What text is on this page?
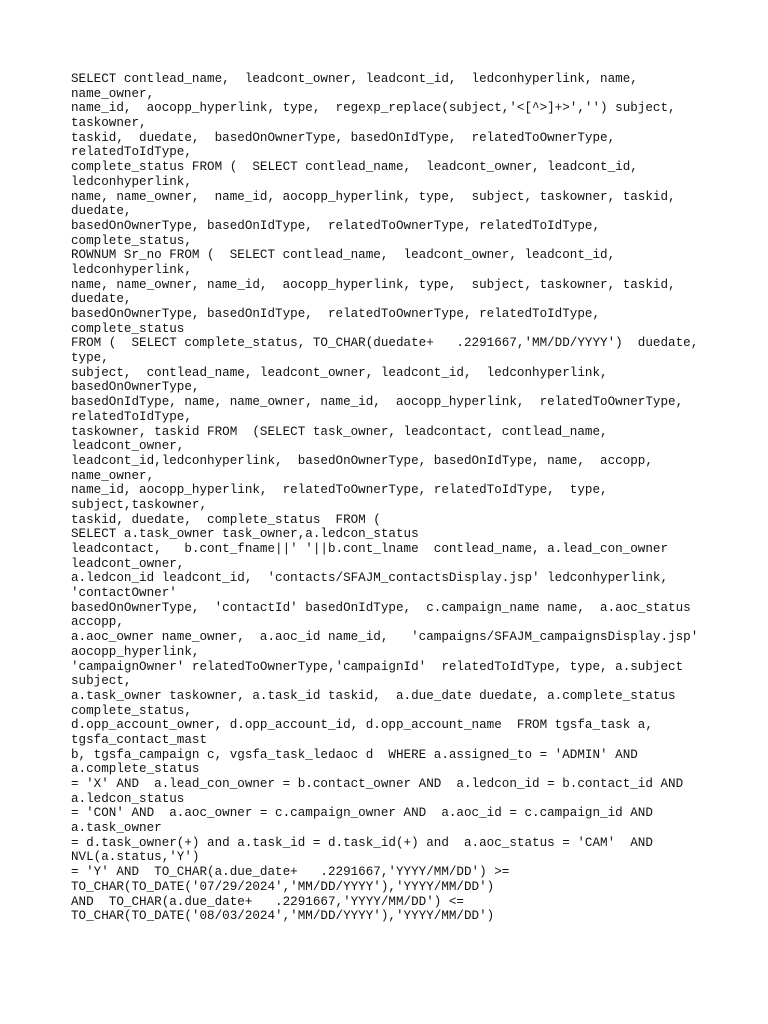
SELECT contlead_name,  leadcont_owner, leadcont_id,  ledconhyperlink, name,
name_owner,
name_id,  aocopp_hyperlink, type,  regexp_replace(subject,'<[^>]+>','') subject,
taskowner,
taskid,  duedate,  basedOnOwnerType, basedOnIdType,  relatedToOwnerType,
relatedToIdType,
complete_status FROM (  SELECT contlead_name,  leadcont_owner, leadcont_id,
ledconhyperlink,
name, name_owner,  name_id, aocopp_hyperlink, type,  subject, taskowner, taskid,
duedate,
basedOnOwnerType, basedOnIdType,  relatedToOwnerType, relatedToIdType,
complete_status,
ROWNUM Sr_no FROM (  SELECT contlead_name,  leadcont_owner, leadcont_id,
ledconhyperlink,
name, name_owner, name_id,  aocopp_hyperlink, type,  subject, taskowner, taskid,
duedate,
basedOnOwnerType, basedOnIdType,  relatedToOwnerType, relatedToIdType,
complete_status
FROM (  SELECT complete_status, TO_CHAR(duedate+   .2291667,'MM/DD/YYYY')  duedate,
type,
subject,  contlead_name, leadcont_owner, leadcont_id,  ledconhyperlink,
basedOnOwnerType,
basedOnIdType, name, name_owner, name_id,  aocopp_hyperlink,  relatedToOwnerType,
relatedToIdType,
taskowner, taskid FROM  (SELECT task_owner, leadcontact, contlead_name,
leadcont_owner,
leadcont_id,ledconhyperlink,  basedOnOwnerType, basedOnIdType, name,  accopp,
name_owner,
name_id, aocopp_hyperlink,  relatedToOwnerType, relatedToIdType,  type,
subject,taskowner,
taskid, duedate,  complete_status  FROM (
SELECT a.task_owner task_owner,a.ledcon_status
leadcontact,   b.cont_fname||' '||b.cont_lname  contlead_name, a.lead_con_owner
leadcont_owner,
a.ledcon_id leadcont_id,  'contacts/SFAJM_contactsDisplay.jsp' ledconhyperlink,
'contactOwner'
basedOnOwnerType,  'contactId' basedOnIdType,  c.campaign_name name,  a.aoc_status
accopp,
a.aoc_owner name_owner,  a.aoc_id name_id,   'campaigns/SFAJM_campaignsDisplay.jsp'
aocopp_hyperlink,
'campaignOwner' relatedToOwnerType,'campaignId'  relatedToIdType, type, a.subject
subject,
a.task_owner taskowner, a.task_id taskid,  a.due_date duedate, a.complete_status
complete_status,
d.opp_account_owner, d.opp_account_id, d.opp_account_name  FROM tgsfa_task a,
tgsfa_contact_mast
b, tgsfa_campaign c, vgsfa_task_ledaoc d  WHERE a.assigned_to = 'ADMIN' AND
a.complete_status
= 'X' AND  a.lead_con_owner = b.contact_owner AND  a.ledcon_id = b.contact_id AND
a.ledcon_status
= 'CON' AND  a.aoc_owner = c.campaign_owner AND  a.aoc_id = c.campaign_id AND
a.task_owner
= d.task_owner(+) and a.task_id = d.task_id(+) and  a.aoc_status = 'CAM'  AND
NVL(a.status,'Y')
= 'Y' AND  TO_CHAR(a.due_date+   .2291667,'YYYY/MM/DD') >=
TO_CHAR(TO_DATE('07/29/2024','MM/DD/YYYY'),'YYYY/MM/DD')
AND  TO_CHAR(a.due_date+   .2291667,'YYYY/MM/DD') <=
TO_CHAR(TO_DATE('08/03/2024','MM/DD/YYYY'),'YYYY/MM/DD')
